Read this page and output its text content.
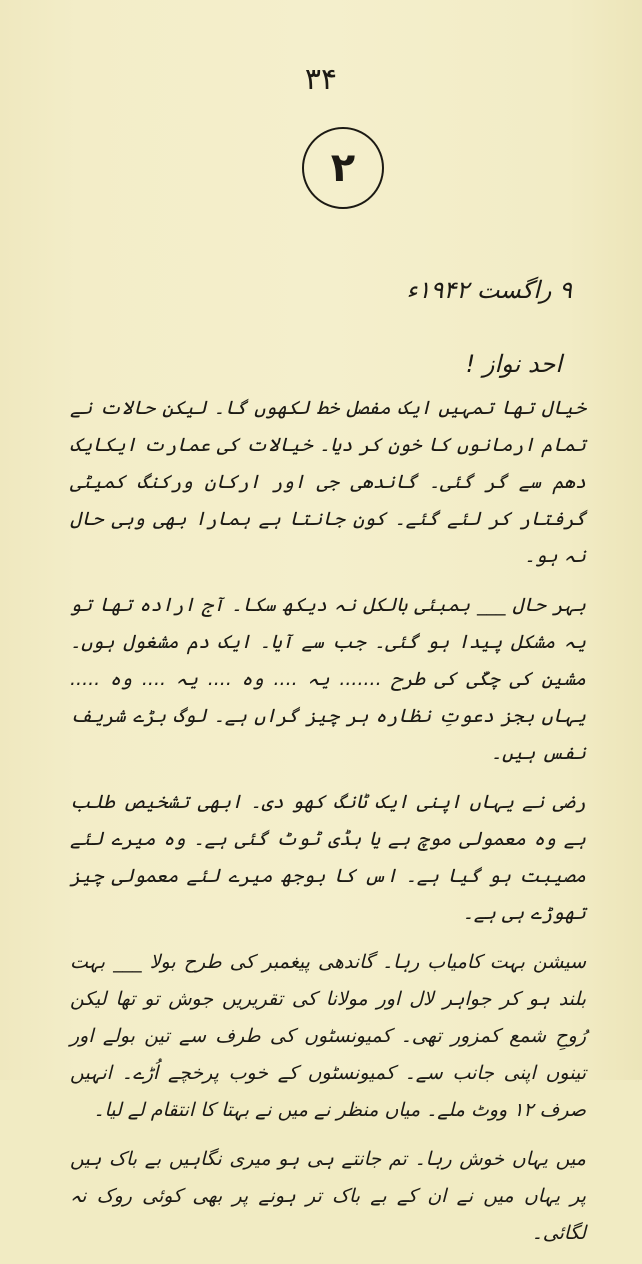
۳۴
۲
۹ راگست ۱۹۴۲ء
احد نواز !

خیال تھا تمہیں ایک مفصل خط لکھوں گا۔ لیکن حالات نے تمام ارمانوں کا خون کر دیا۔ خیالات کی عمارت ایکایک دھم سے گر گئی۔ گاندھی جی اور ارکان ورکنگ کمیٹی گرفتار کر لئے گئے۔ کون جانتا ہے ہمارا بھی وہی حال نہ ہو۔

بہر حال ___ بمبئی بالکل نہ دیکھ سکا۔ آج ارادہ تھا تو یہ مشکل پیدا ہو گئی۔ جب سے آیا۔ ایک دم مشغول ہوں۔ مشین کی چکّی کی طرح ....... یہ .... وہ .... یہ .... وہ ..... یہاں بجز دعوتِ نظارہ ہر چیز گراں ہے۔ لوگ بڑے شریف نفس ہیں۔

رضی نے یہاں اپنی ایک ٹانگ کھو دی۔ ابھی تشخیص طلب ہے وہ معمولی موچ ہے یا ہڈی ٹوٹ گئی ہے۔ وہ میرے لئے مصیبت ہو گیا ہے۔ اس کا بوجھ میرے لئے معمولی چیز تھوڑے ہی ہے۔

سیشن بہت کامیاب رہا۔ گاندھی پیغمبر کی طرح بولا ___ بہت بلند ہو کر جواہر لال اور مولانا کی تقریریں جوش تو تھا لیکن رُوحِ شمع کمزور تھی۔ کمیونسٹوں کی طرف سے تین بولے اور تینوں اپنی جانب سے۔ کمیونسٹوں کے خوب پرخچے اُڑے۔ انہیں صرف ۱۲ ووٹ ملے۔ میاں منظر نے میں نے بہتا کا انتقام لے لیا۔

میں یہاں خوش رہا۔ تم جانتے ہی ہو میری نگاہیں بے باک ہیں پر یہاں میں نے ان کے بے باک تر ہونے پر بھی کوئی روک نہ لگائی۔
